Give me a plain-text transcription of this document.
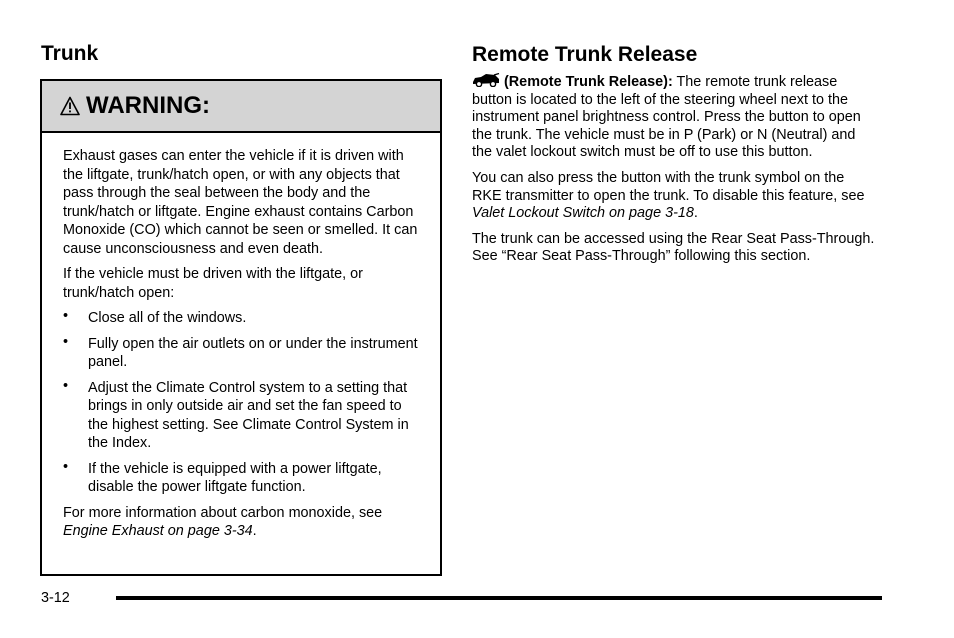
Trunk
WARNING:

Exhaust gases can enter the vehicle if it is driven with the liftgate, trunk/hatch open, or with any objects that pass through the seal between the body and the trunk/hatch or liftgate. Engine exhaust contains Carbon Monoxide (CO) which cannot be seen or smelled. It can cause unconsciousness and even death.

If the vehicle must be driven with the liftgate, or trunk/hatch open:

• Close all of the windows.
• Fully open the air outlets on or under the instrument panel.
• Adjust the Climate Control system to a setting that brings in only outside air and set the fan speed to the highest setting. See Climate Control System in the Index.
• If the vehicle is equipped with a power liftgate, disable the power liftgate function.

For more information about carbon monoxide, see Engine Exhaust on page 3-34.

Remote Trunk Release

(Remote Trunk Release): The remote trunk release button is located to the left of the steering wheel next to the instrument panel brightness control. Press the button to open the trunk. The vehicle must be in P (Park) or N (Neutral) and the valet lockout switch must be off to use this button.

You can also press the button with the trunk symbol on the RKE transmitter to open the trunk. To disable this feature, see Valet Lockout Switch on page 3-18.

The trunk can be accessed using the Rear Seat Pass-Through. See “Rear Seat Pass-Through” following this section.

3-12
